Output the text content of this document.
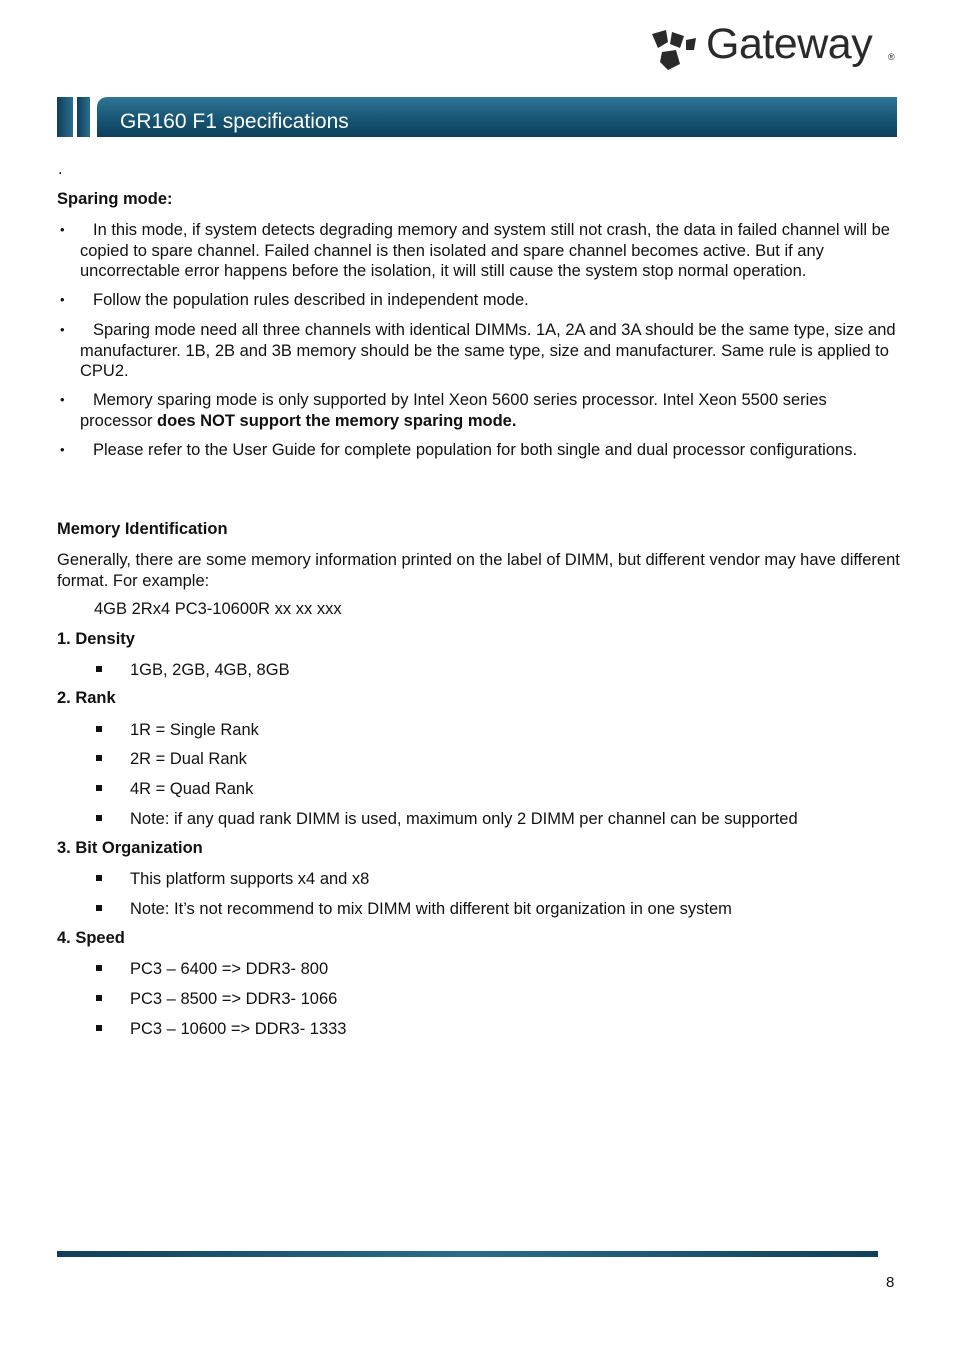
Gateway ®
GR160 F1 specifications
.
Sparing mode:
•	In this mode, if system detects degrading memory and system still not crash, the data in failed channel will be copied to spare channel. Failed channel is then isolated and spare channel becomes active. But if any uncorrectable error happens before the isolation, it will still cause the system stop normal operation.
•	Follow the population rules described in independent mode.
•	Sparing mode need all three channels with identical DIMMs. 1A, 2A and 3A should be the same type, size and manufacturer. 1B, 2B and 3B memory should be the same type, size and manufacturer. Same rule is applied to CPU2.
•	Memory sparing mode is only supported by Intel Xeon 5600 series processor. Intel Xeon 5500 series processor does NOT support the memory sparing mode.
•	Please refer to the User Guide for complete population for both single and dual processor configurations.
Memory Identification
Generally, there are some memory information printed on the label of DIMM, but different vendor may have different format. For example:
4GB 2Rx4 PC3-10600R xx xx xxx
1. Density
1GB, 2GB, 4GB, 8GB
2. Rank
1R = Single Rank
2R = Dual Rank
4R = Quad Rank
Note: if any quad rank DIMM is used, maximum only 2 DIMM per channel can be supported
3. Bit Organization
This platform supports x4 and x8
Note: It’s not recommend to mix DIMM with different bit organization in one system
4. Speed
PC3 – 6400 => DDR3- 800
PC3 – 8500 => DDR3- 1066
PC3 – 10600 => DDR3- 1333
8
